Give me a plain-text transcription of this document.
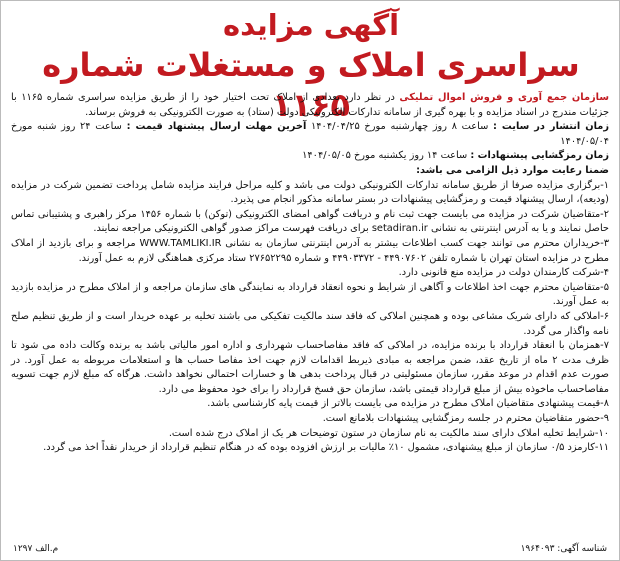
آگهی مزایده
سراسری املاک و مستغلات شماره ۱۱۶۵	سازمان جمع آوری و فروش اموال تملیکی در نظر دارد تعدادی از املاک تحت اختیار خود را از طریق مزایده سراسری شماره ۱۱۶۵ با جزئیات مندرج در اسناد مزایده و با بهره گیری از سامانه تدارکات الکترونیکی دولت (ستاد) به صورت الکترونیکی به فروش برساند.

زمان انتشار در سایت : ساعت ۸ روز چهارشنبه مورخ ۱۴۰۴/۰۴/۲۵ آخرین مهلت ارسال پیشنهاد قیمت : ساعت ۲۴ روز شنبه مورخ ۱۴۰۴/۰۵/۰۴

زمان رمزگشایی پیشنهادات : ساعت ۱۴ روز یکشنبه مورخ ۱۴۰۴/۰۵/۰۵

ضمنا رعایت موارد ذیل الزامی می باشد:

۱-برگزاری مزایده صرفا از طریق سامانه تدارکات الکترونیکی دولت می باشد و کلیه مراحل فرایند مزایده شامل پرداخت تضمین شرکت در مزایده (ودیعه)، ارسال پیشنهاد قیمت و رمزگشایی پیشنهادات در بستر سامانه مذکور انجام می پذیرد.

۲-متقاضیان شرکت در مزایده می بایست جهت ثبت نام و دریافت گواهی امضای الکترونیکی (توکن) با شماره ۱۴۵۶ مرکز راهبری و پشتیبانی تماس حاصل نمایند و یا به آدرس اینترنتی به نشانی setadiran.ir برای دریافت فهرست مراکز صدور گواهی الکترونیکی مراجعه نمایند.

۳-خریداران محترم می توانند جهت کسب اطلاعات بیشتر به آدرس اینترنتی سازمان به نشانی WWW.TAMLIKI.IR مراجعه و برای بازدید از املاک مطرح در مزایده استان تهران با شماره تلفن ۴۴۹۰۷۶۰۲ - ۴۴۹۰۳۳۷۲ و شماره ۲۷۶۵۲۲۹۵ ستاد مرکزی هماهنگی لازم به عمل آورند.

۴-شرکت کارمندان دولت در مزایده منع قانونی دارد.

۵-متقاضیان محترم جهت اخذ اطلاعات و آگاهی از شرایط و نحوه انعقاد قرارداد به نمایندگی های سازمان مراجعه و از املاک مطرح در مزایده بازدید به عمل آورند.

۶-املاکی که دارای شریک مشاعی بوده و همچنین املاکی که فاقد سند مالکیت تفکیکی می باشند تخلیه بر عهده خریدار است و از طریق تنظیم صلح نامه واگذار می گردد.

۷-همزمان با انعقاد قرارداد با برنده مزایده، در املاکی که فاقد مفاصاحساب شهرداری و اداره امور مالیاتی باشد به برنده وکالت داده می شود تا ظرف مدت ۲ ماه از تاریخ عقد، ضمن مراجعه به مبادی ذیربط اقدامات لازم جهت اخذ مفاصا حساب ها و استعلامات مربوطه به عمل آورد. در صورت عدم اقدام در موعد مقرر، سازمان مسئولیتی در قبال پرداخت بدهی ها و خسارات احتمالی نخواهد داشت. هرگاه که مبلغ لازم جهت تسویه مفاصاحساب ماخوذه بیش از مبلغ قرارداد قیمتی باشد، سازمان حق فسخ قرارداد را برای خود محفوظ می دارد.

۸-قیمت پیشنهادی متقاضیان املاک مطرح در مزایده می بایست بالاتر از قیمت پایه کارشناسی باشد.

۹-حضور متقاضیان محترم در جلسه رمزگشایی پیشنهادات بلامانع است.

۱۰-شرایط تخلیه املاک دارای سند مالکیت به نام سازمان در ستون توضیحات هر یک از املاک درج شده است.

۱۱-کارمزد ۰/۵ سازمان از مبلغ پیشنهادی، مشمول ۱۰٪ مالیات بر ارزش افزوده بوده که در هنگام تنظیم قرارداد از خریدار نقداً اخذ می گردد.

شناسه آگهی: ۱۹۶۴۰۹۳
م.الف ۱۲۹۷
